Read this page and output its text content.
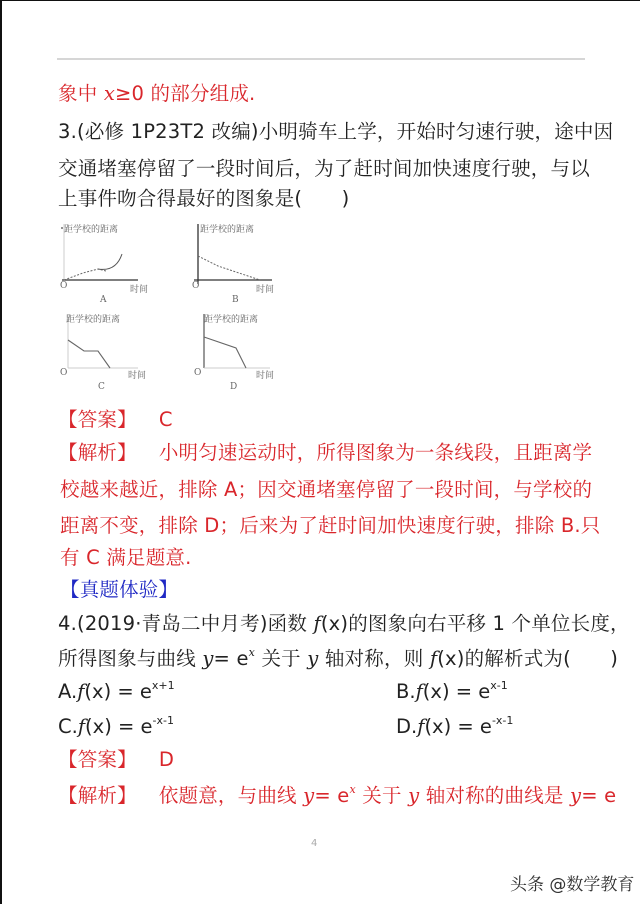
象中 x≥0 的部分组成.
3.(必修 1P23T2 改编)小明骑车上学，开始时匀速行驶，途中因
交通堵塞停留了一段时间后，为了赶时间加快速度行驶，与以
上事件吻合得最好的图象是(　　)
距学校的距离
O	时间
A
距学校的距离
O	时间
B
距学校的距离
O	时间
C
距学校的距离
O	时间
D
【答案】 C
【解析】 小明匀速运动时，所得图象为一条线段，且距离学
校越来越近，排除 A；因交通堵塞停留了一段时间，与学校的
距离不变，排除 D；后来为了赶时间加快速度行驶，排除 B.只
有 C 满足题意.
【真题体验】
4.(2019·青岛二中月考)函数 f(x)的图象向右平移 1 个单位长度，
所得图象与曲线 $y= e^x$ 关于 y 轴对称，则 f(x)的解析式为(　　)
$A.f(x) = e^{x+1}$	$B.f(x) = e^{x-1}$
$C.f(x) = e^{-x-1}$	$D.f(x) = e^{-x-1}$
【答案】 D
【解析】 依题意，与曲线 $y= e^x$ 关于 y 轴对称的曲线是 y= e
4
头条 @数学教育
